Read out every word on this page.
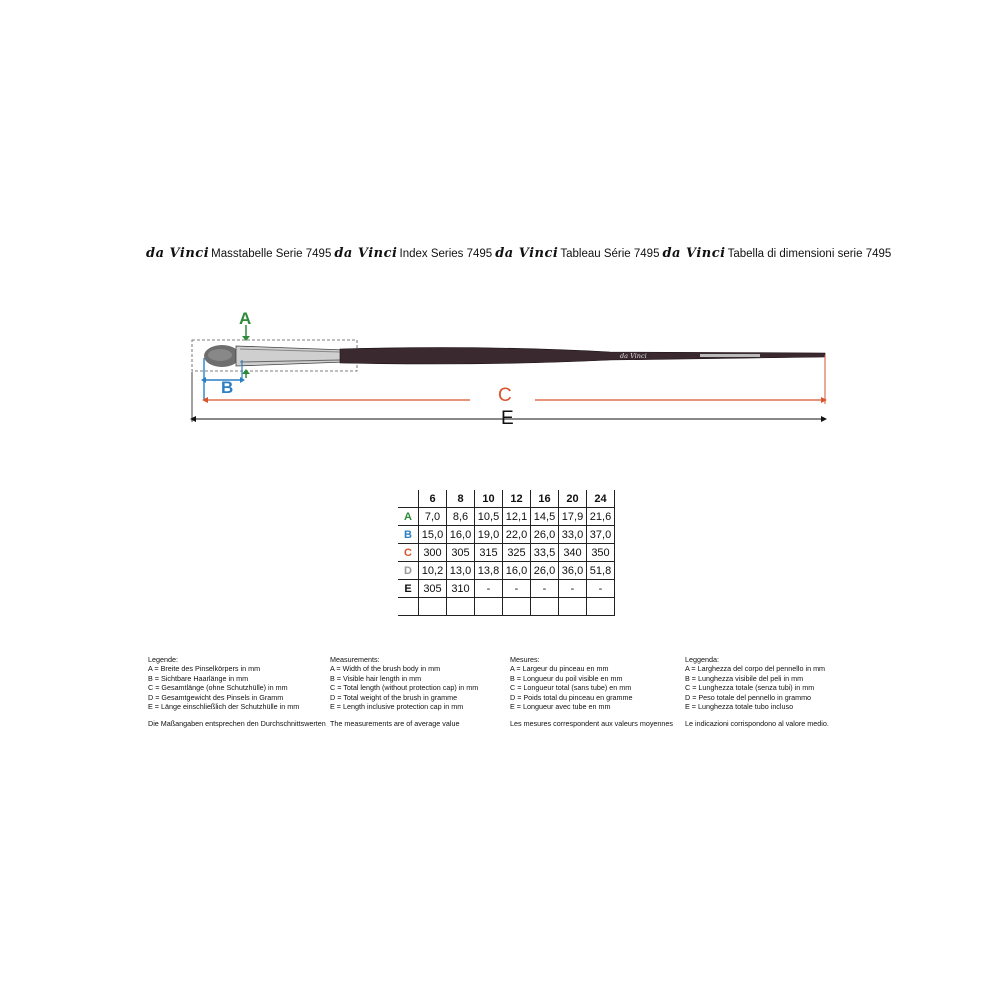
da Vinci Masstabelle Serie 7495 da Vinci Index Series 7495 da Vinci Tableau Série 7495 da Vinci Tabella di dimensioni serie 7495
da Vinci
A
B	C
E
	6	8	10	12	16	20	24
A	7,0	8,6	10,5	12,1	14,5	17,9	21,6
B	15,0	16,0	19,0	22,0	26,0	33,0	37,0
C	300	305	315	325	33,5	340	350
D	10,2	13,0	13,8	16,0	26,0	36,0	51,8
E	305	310	-	-	-	-	-

Legende:
A = Breite des Pinselkörpers in mm
B = Sichtbare Haarlänge in mm
C = Gesamtlänge (ohne Schutzhülle) in mm
D = Gesamtgewicht des Pinsels in Gramm
E = Länge einschließlich der Schutzhülle in mm
Die Maßangaben entsprechen den Durchschnittswerten
Measurements:
A = Width of the brush body in mm
B = Visible hair length in mm
C = Total length (without protection cap) in mm
D = Total weight of the brush in gramme
E = Length inclusive protection cap in mm
The measurements are of average value
Mesures:
A = Largeur du pinceau en mm
B = Longueur du poil visible en mm
C = Longueur total (sans tube) en mm
D = Poids total du pinceau en gramme
E = Longueur avec tube en mm
Les mesures correspondent aux valeurs moyennes
Leggenda:
A = Larghezza del corpo del pennello in mm
B = Lunghezza visibile del peli in mm
C = Lunghezza totale (senza tubi) in mm
D = Peso totale del pennello in grammo
E = Lunghezza totale tubo incluso
Le indicazioni corrispondono al valore medio.
